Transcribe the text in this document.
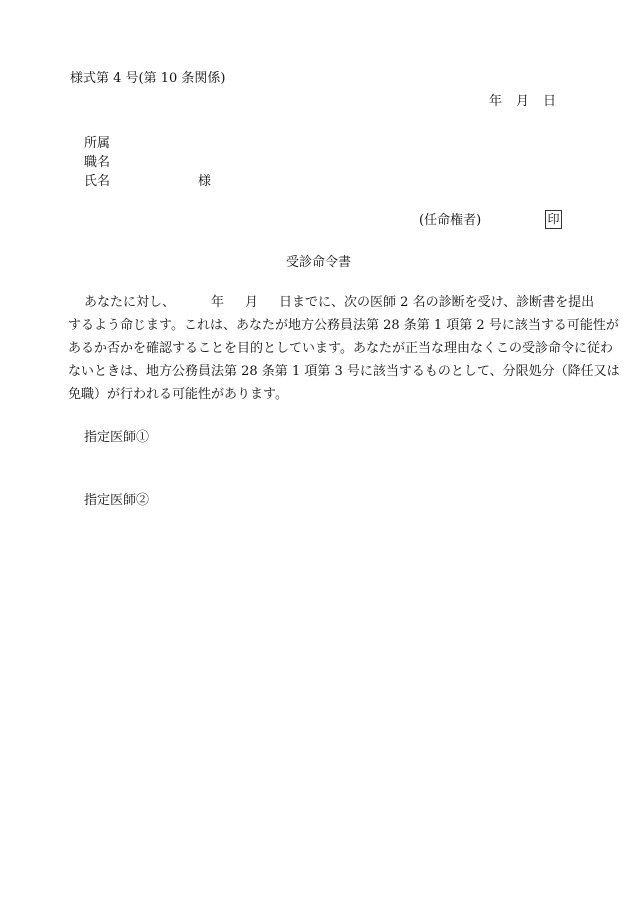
様式第 4 号(第 10 条関係)
年 月 日
所属
職名
氏名	様
(任命権者)	印
受診命令書
あなたに対し、	年 月 日までに、次の医師 2 名の診断を受け、診断書を提出
するよう命じます。これは、あなたが地方公務員法第 28 条第 1 項第 2 号に該当する可能性が
あるか否かを確認することを目的としています。あなたが正当な理由なくこの受診命令に従わ
ないときは、地方公務員法第 28 条第 1 項第 3 号に該当するものとして、分限処分（降任又は
免職）が行われる可能性があります。
指定医師①
指定医師②
